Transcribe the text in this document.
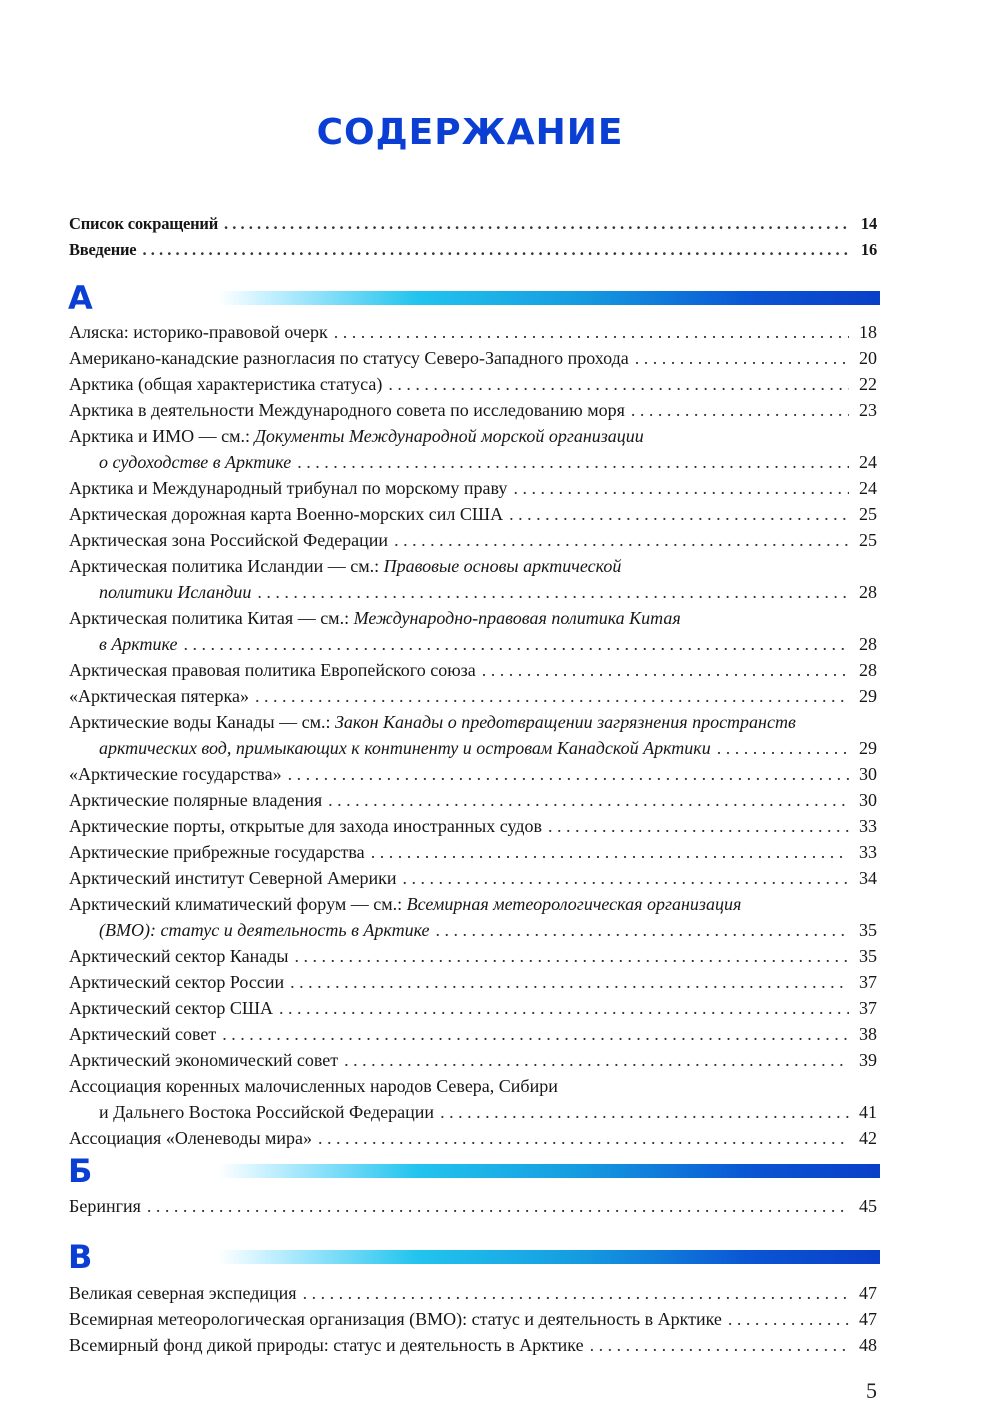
СОДЕРЖАНИЕ
Список сокращений . . .	14
Введение . . .	16
А
Аляска: историко-правовой очерк . . .	18
Американо-канадские разногласия по статусу Северо-Западного прохода . . .	20
Арктика (общая характеристика статуса) . . .	22
Арктика в деятельности Международного совета по исследованию моря . . .	23
Арктика и ИМО — см.: Документы Международной морской организации
о судоходстве в Арктике . . .	24
Арктика и Международный трибунал по морскому праву . . .	24
Арктическая дорожная карта Военно-морских сил США . . .	25
Арктическая зона Российской Федерации . . .	25
Арктическая политика Исландии — см.: Правовые основы арктической
политики Исландии . . .	28
Арктическая политика Китая — см.: Международно-правовая политика Китая
в Арктике . . .	28
Арктическая правовая политика Европейского союза . . .	28
«Арктическая пятерка» . . .	29
Арктические воды Канады — см.: Закон Канады о предотвращении загрязнения пространств
арктических вод, примыкающих к континенту и островам Канадской Арктики . . .	29
«Арктические государства» . . .	30
Арктические полярные владения . . .	30
Арктические порты, открытые для захода иностранных судов . . .	33
Арктические прибрежные государства . . .	33
Арктический институт Северной Америки . . .	34
Арктический климатический форум — см.: Всемирная метеорологическая организация
(ВМО): статус и деятельность в Арктике . . .	35
Арктический сектор Канады . . .	35
Арктический сектор России . . .	37
Арктический сектор США . . .	37
Арктический совет . . .	38
Арктический экономический совет . . .	39
Ассоциация коренных малочисленных народов Севера, Сибири
и Дальнего Востока Российской Федерации . . .	41
Ассоциация «Оленеводы мира» . . .	42
Б
Берингия . . .	45
В
Великая северная экспедиция . . .	47
Всемирная метеорологическая организация (ВМО): статус и деятельность в Арктике . . .	47
Всемирный фонд дикой природы: статус и деятельность в Арктике . . .	48
5
